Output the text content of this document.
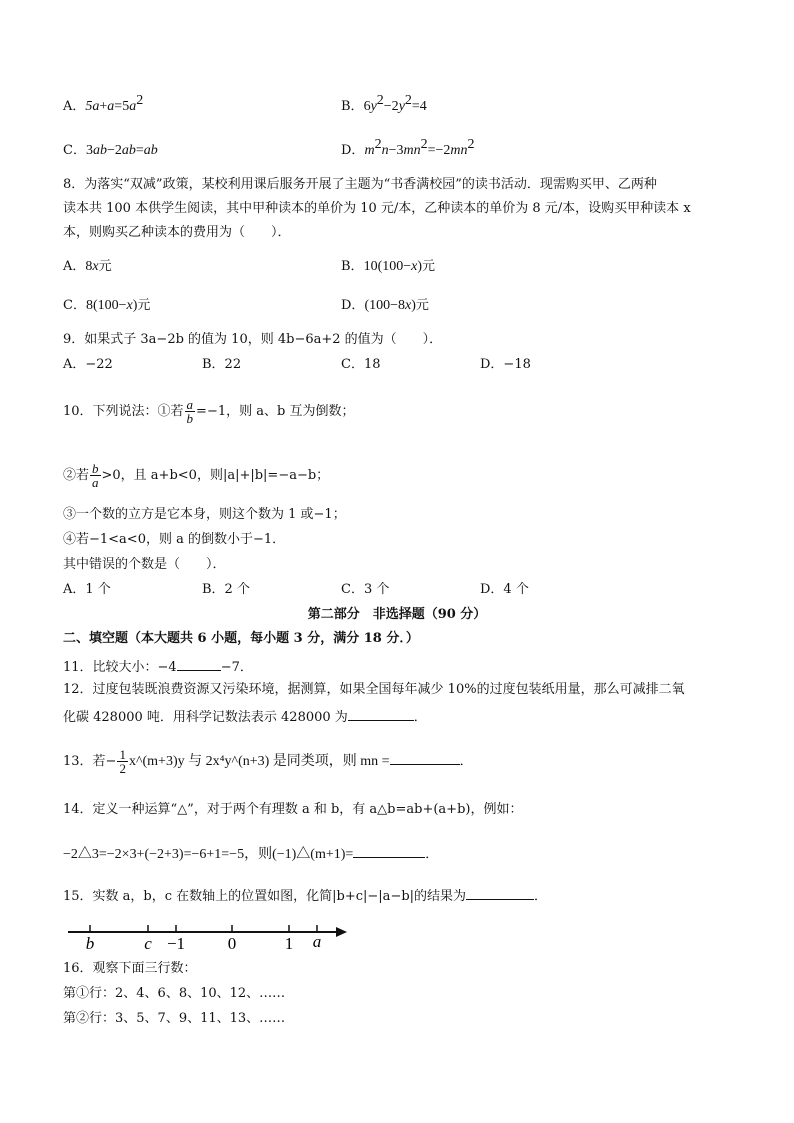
A．$5a+a=5a^2$	B．$6y^2-2y^2=4$
C．3ab−2ab=ab	D．$m^2n-3mn^2=-2mn^2$
8．为落实“双减”政策，某校利用课后服务开展了主题为“书香满校园”的读书活动．现需购买甲、乙两种
读本共 100 本供学生阅读，其中甲种读本的单价为 10 元/本，乙种读本的单价为 8 元/本，设购买甲种读本 x
本，则购买乙种读本的费用为（　　）．
A．8x元	B．10(100−x)元
C．8(100−x)元	D．(100−8x)元
9．如果式子 3a−2b 的值为 10，则 4b−6a+2 的值为（　　）．
A．−22	B．22	C．18	D．−18
10．下列说法：①若 $\frac{a}{b} =-1$，则 a、b 互为倒数；
②若 $\frac{b}{a} >0$，且 a+b<0，则|a|+|b|=−a−b；
③一个数的立方是它本身，则这个数为 1 或−1；
④若−1<a<0，则 a 的倒数小于−1．
其中错误的个数是（　　）．
A．1 个	B．2 个	C．3 个	D．4 个
第二部分　非选择题（90 分）
二、填空题（本大题共 6 小题，每小题 3 分，满分 18 分．）
11．比较大小：−4	−7．
12．过度包装既浪费资源又污染环境，据测算，如果全国每年减少 10%的过度包装纸用量，那么可减排二氧
化碳 428000 吨．用科学记数法表示 428000 为	．
13．若− $\frac{1}{2}$ x^(m+3)y 与 2x⁴y^(n+3) 是同类项，则 mn =	．
14．定义一种运算“△”，对于两个有理数 a 和 b，有 a△b=ab+(a+b)，例如：
−2△3=−2×3+(−2+3)=−6+1=−5，则(−1)△(m+1)=	．
15．实数 a，b，c 在数轴上的位置如图，化简|b+c|−|a−b|的结果为	．
b	c −1	0	1 a
16．观察下面三行数：
第①行：2、4、6、8、10、12、……
第②行：3、5、7、9、11、13、……
